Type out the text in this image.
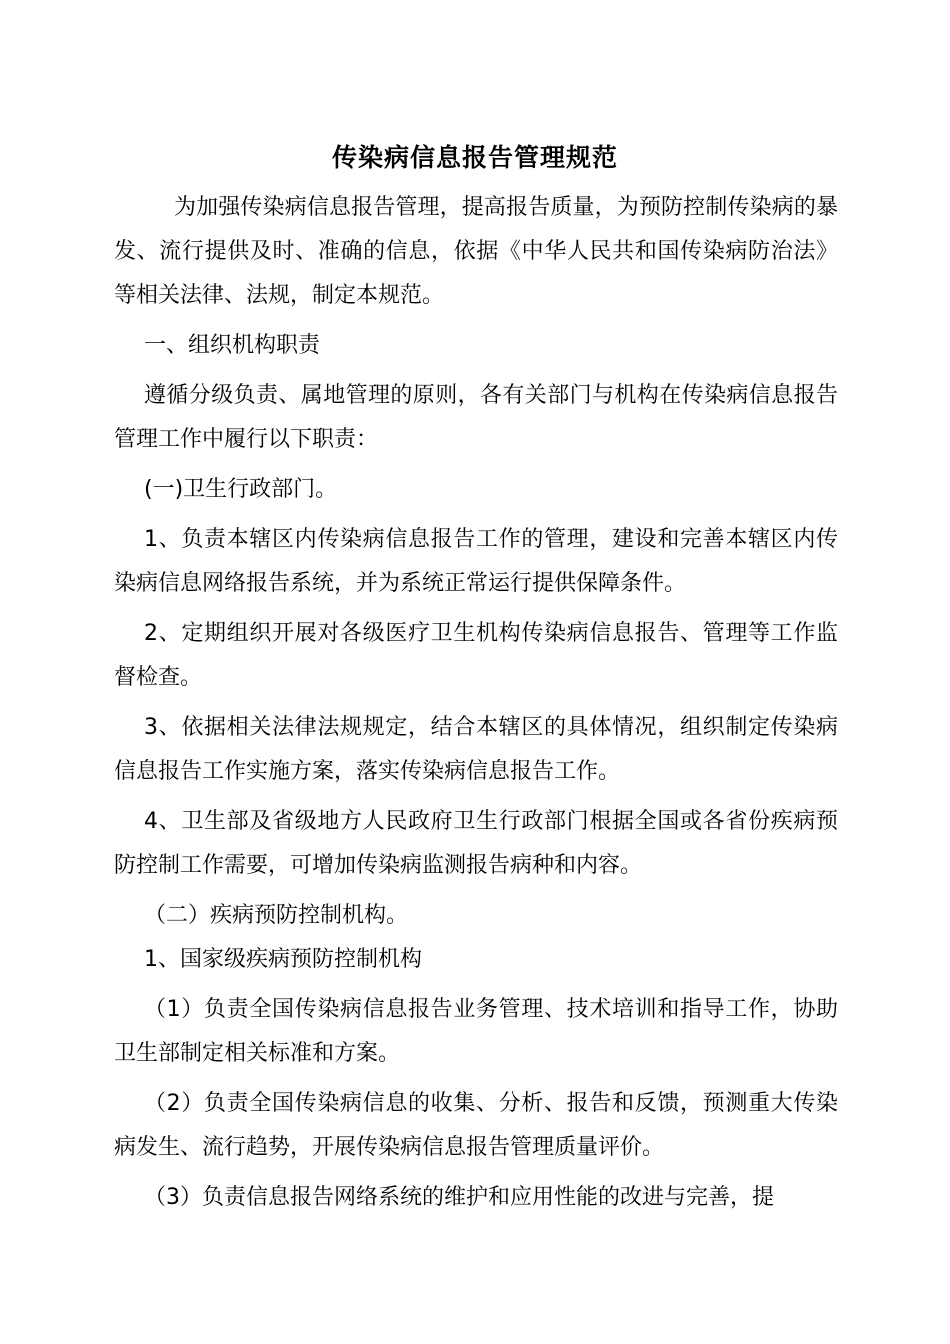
传染病信息报告管理规范

为加强传染病信息报告管理，提高报告质量，为预防控制传染病的暴发、流行提供及时、准确的信息，依据《中华人民共和国传染病防治法》等相关法律、法规，制定本规范。

一、组织机构职责

遵循分级负责、属地管理的原则，各有关部门与机构在传染病信息报告管理工作中履行以下职责：

(一)卫生行政部门。

1、负责本辖区内传染病信息报告工作的管理，建设和完善本辖区内传染病信息网络报告系统，并为系统正常运行提供保障条件。

2、定期组织开展对各级医疗卫生机构传染病信息报告、管理等工作监督检查。

3、依据相关法律法规规定，结合本辖区的具体情况，组织制定传染病信息报告工作实施方案，落实传染病信息报告工作。

4、卫生部及省级地方人民政府卫生行政部门根据全国或各省份疾病预防控制工作需要，可增加传染病监测报告病种和内容。

（二）疾病预防控制机构。

1、国家级疾病预防控制机构

（1）负责全国传染病信息报告业务管理、技术培训和指导工作，协助卫生部制定相关标准和方案。

（2）负责全国传染病信息的收集、分析、报告和反馈，预测重大传染病发生、流行趋势，开展传染病信息报告管理质量评价。

（3）负责信息报告网络系统的维护和应用性能的改进与完善，提
